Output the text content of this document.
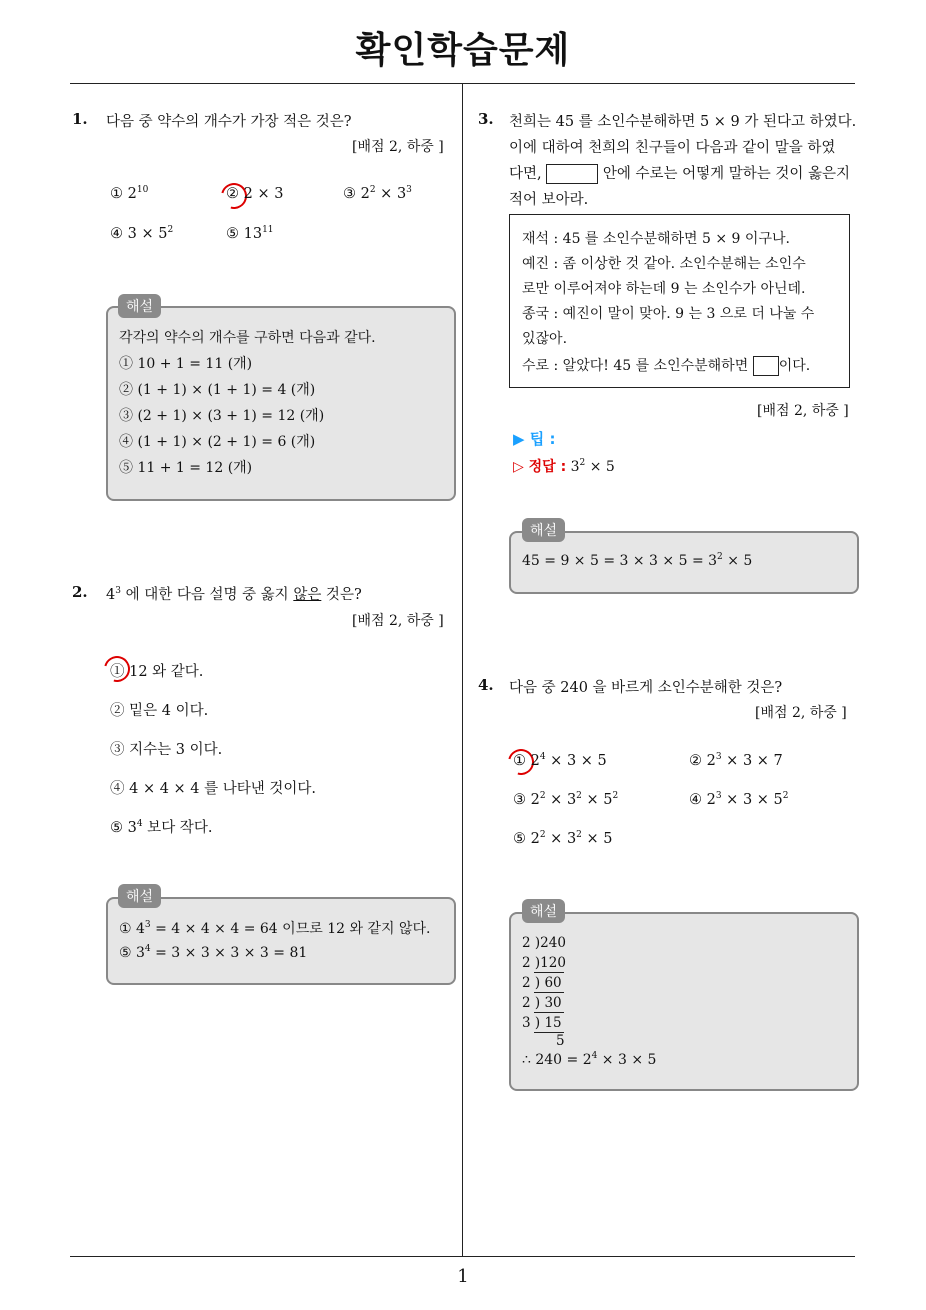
확인학습문제
1
1. 다음 중 약수의 개수가 가장 적은 것은?
[배점 2, 하중 ]
① $2^{10}$	② 2 × 3	③ $2^2 \times 3^3$
④ $3 \times 5^2$	⑤ $13^{11}$
해설
각각의 약수의 개수를 구하면 다음과 같다.
① 10 + 1 = 11 (개)
② (1 + 1) × (1 + 1) = 4 (개)
③ (2 + 1) × (3 + 1) = 12 (개)
④ (1 + 1) × (2 + 1) = 6 (개)
⑤ 11 + 1 = 12 (개)
2. $4^3$ 에 대한 다음 설명 중 옳지 않은 것은?
[배점 2, 하중 ]
① 12 와 같다.
② 밑은 4 이다.
③ 지수는 3 이다.
④ 4 × 4 × 4 를 나타낸 것이다.
⑤ $3^4$ 보다 작다.
해설
① $4^3 = 4 \times 4 \times 4 = 64$ 이므로 12 와 같지 않다.
⑤ $3^4 = 3 \times 3 \times 3 \times 3 = 81$
3. 천희는 45 를 소인수분해하면 5 × 9 가 된다고 하였다.
이에 대하여 천희의 친구들이 다음과 같이 말을 하였
다면,	안에 수로는 어떻게 말하는 것이 옳은지
적어 보아라.
재석 : 45 를 소인수분해하면 5 × 9 이구나.
예진 : 좀 이상한 것 같아. 소인수분해는 소인수
로만 이루어져야 하는데 9 는 소인수가 아닌데.
종국 : 예진이 말이 맞아. 9 는 3 으로 더 나눌 수
있잖아.
수로 : 알았다! 45 를 소인수분해하면 이다.
[배점 2, 하중 ]
▶ 팁 :
▷ 정답 : $3^2 \times 5$
해설
$45 = 9 \times 5 = 3 \times 3 \times 5 = 3^2 \times 5$
4. 다음 중 240 을 바르게 소인수분해한 것은?
[배점 2, 하중 ]
① $2^4 \times 3 \times 5$	② $2^3 \times 3 \times 7$
③ $2^2 \times 3^2 \times 5^2$	④ $2^3 \times 3 \times 5^2$
⑤ $2^2 \times 3^2 \times 5$
해설
2 )240
2 )120
2 ) 60
2 ) 30
3 ) 15
5
∴ $240 = 2^4 \times 3 \times 5$
